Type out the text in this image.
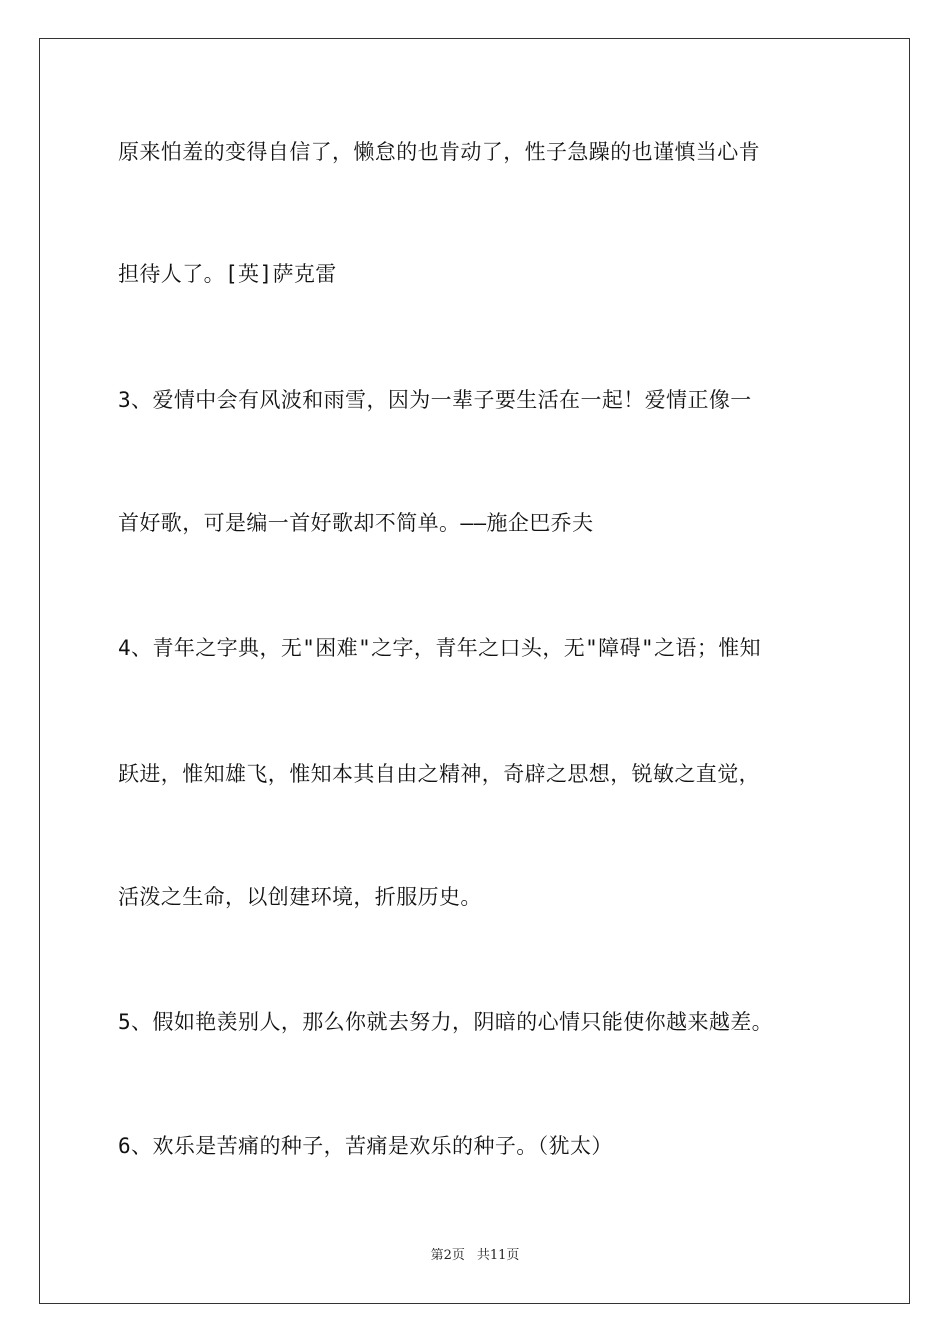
原来怕羞的变得自信了，懒怠的也肯动了，性子急躁的也谨慎当心肯
担待人了。[英]萨克雷
3、爱情中会有风波和雨雪，因为一辈子要生活在一起！爱情正像一
首好歌，可是编一首好歌却不简单。——施企巴乔夫
4、青年之字典，无"困难"之字，青年之口头，无"障碍"之语；惟知
跃进，惟知雄飞，惟知本其自由之精神，奇辟之思想，锐敏之直觉，
活泼之生命，以创建环境，折服历史。
5、假如艳羡别人，那么你就去努力，阴暗的心情只能使你越来越差。
6、欢乐是苦痛的种子，苦痛是欢乐的种子。（犹太）
第2页 共11页
